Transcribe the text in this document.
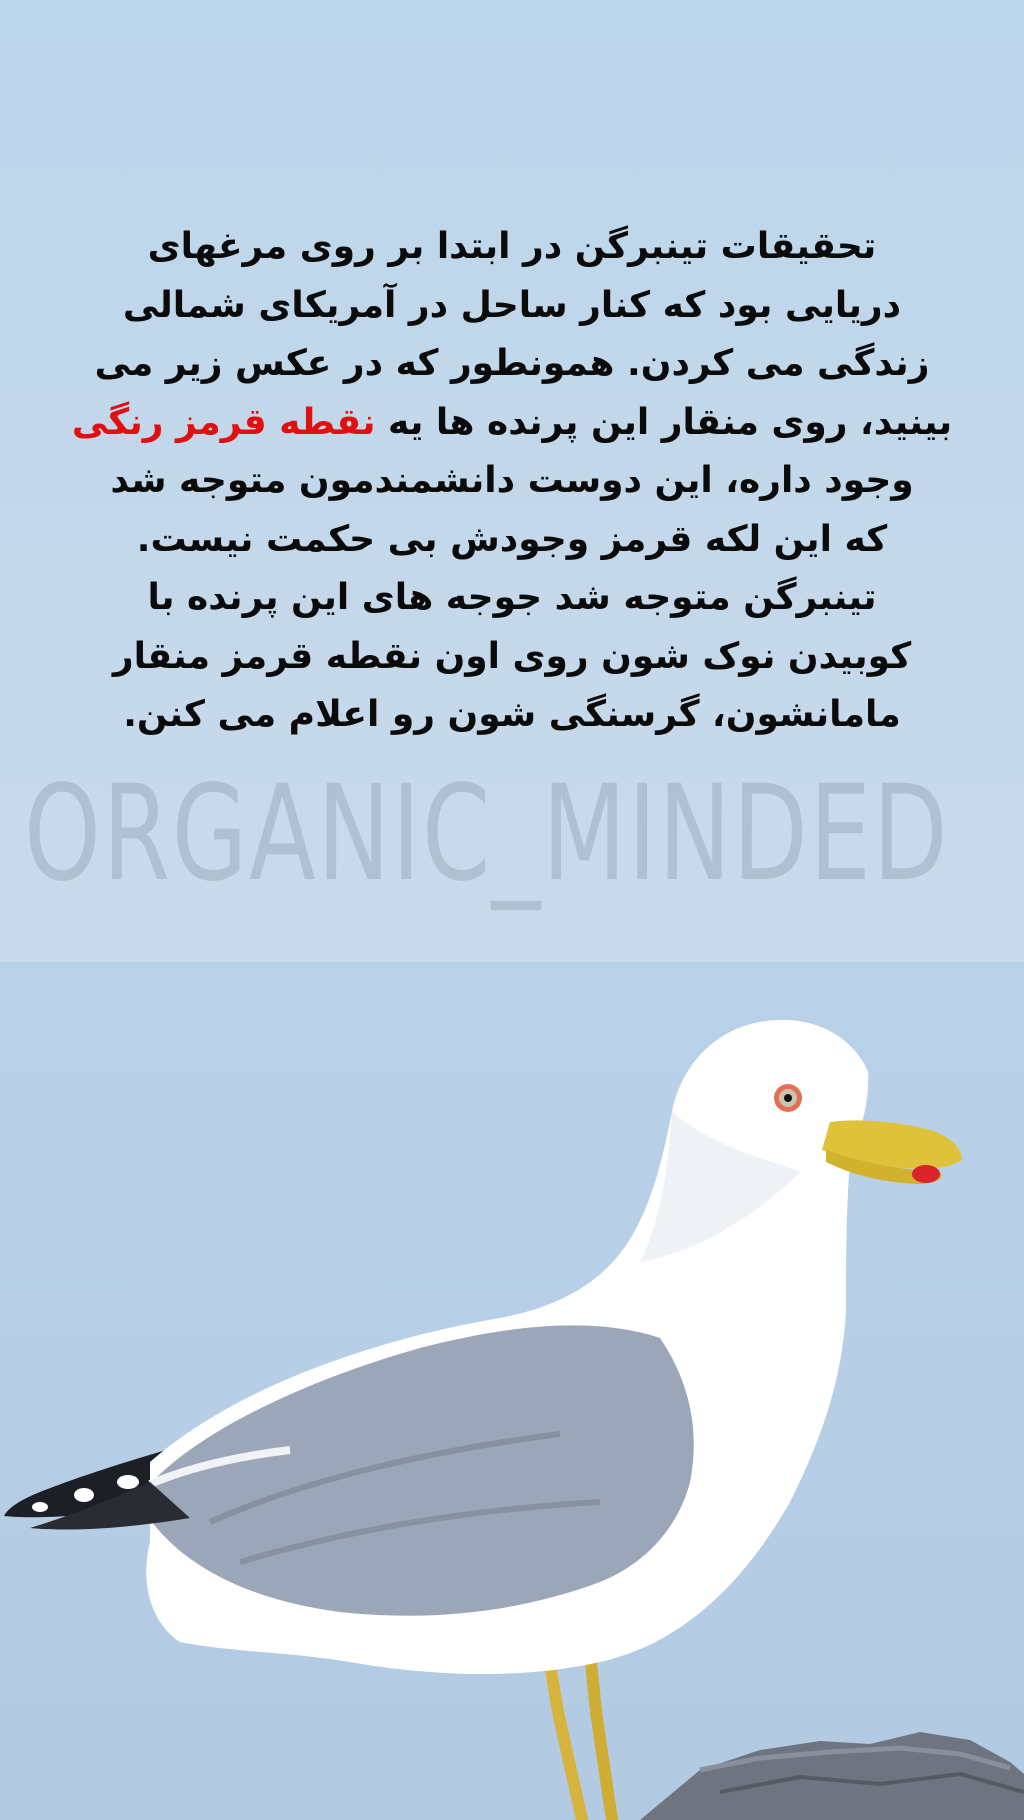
ORGANIC_MINDED
تحقیقات تینبرگن در ابتدا بر روی مرغهای
دریایی بود که کنار ساحل در آمریکای شمالی
زندگی می کردن. همونطور که در عکس زیر می
بینید، روی منقار این پرنده ها یه نقطه قرمز رنگی
وجود داره، این دوست دانشمندمون متوجه شد
که این لکه قرمز وجودش بی حکمت نیست.
تینبرگن متوجه شد جوجه های این پرنده با
کوبیدن نوک شون روی اون نقطه قرمز منقار
مامانشون، گرسنگی شون رو اعلام می کنن.
